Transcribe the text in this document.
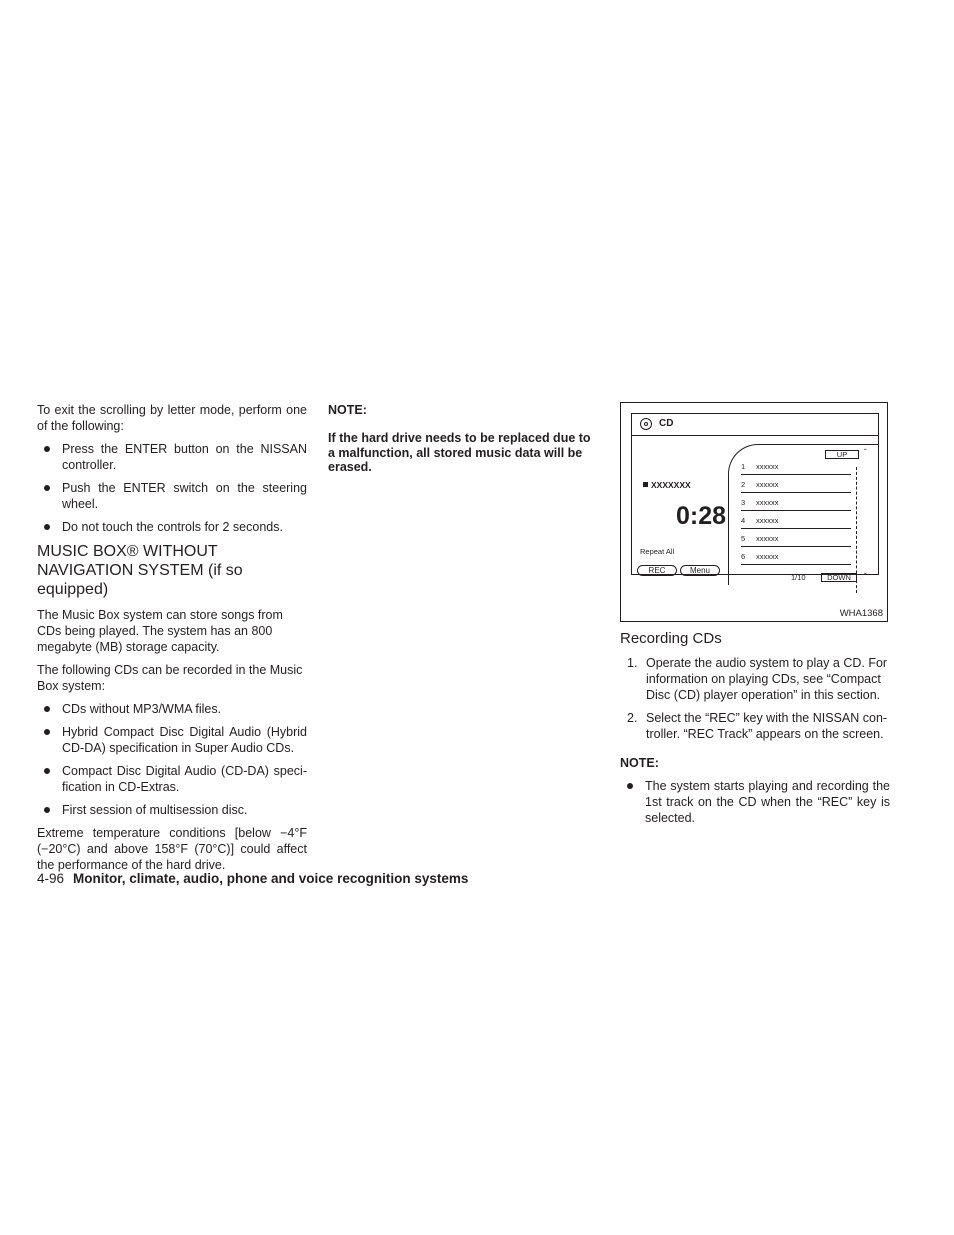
To exit the scrolling by letter mode, perform one of the following:

Press the ENTER button on the NISSAN controller.
Push the ENTER switch on the steering wheel.
Do not touch the controls for 2 seconds.
MUSIC BOX® WITHOUT NAVIGATION SYSTEM (if so equipped)

The Music Box system can store songs from CDs being played. The system has an 800 megabyte (MB) storage capacity.

The following CDs can be recorded in the Music Box system:

CDs without MP3/WMA files.
Hybrid Compact Disc Digital Audio (Hybrid CD-DA) specification in Super Audio CDs.
Compact Disc Digital Audio (CD-DA) specification in CD-Extras.
First session of multisession disc.

Extreme temperature conditions [below −4°F (−20°C) and above 158°F (70°C)] could affect the performance of the hard drive.

NOTE:
If the hard drive needs to be replaced due to a malfunction, all stored music data will be erased.
CD
XXXXXXX
0:28
Repeat All
REC	Menu
1 xxxxxx
2 xxxxxx
3 xxxxxx
4 xxxxxx
5 xxxxxx
6 xxxxxx
UP	ˆ
1/10	DOWN	ˇ
WHA1368
Recording CDs
1. Operate the audio system to play a CD. For information on playing CDs, see “Compact Disc (CD) player operation” in this section.
2. Select the “REC” key with the NISSAN controller. “REC Track” appears on the screen.
NOTE:
The system starts playing and recording the 1st track on the CD when the “REC” key is selected.
4-96 Monitor, climate, audio, phone and voice recognition systems
